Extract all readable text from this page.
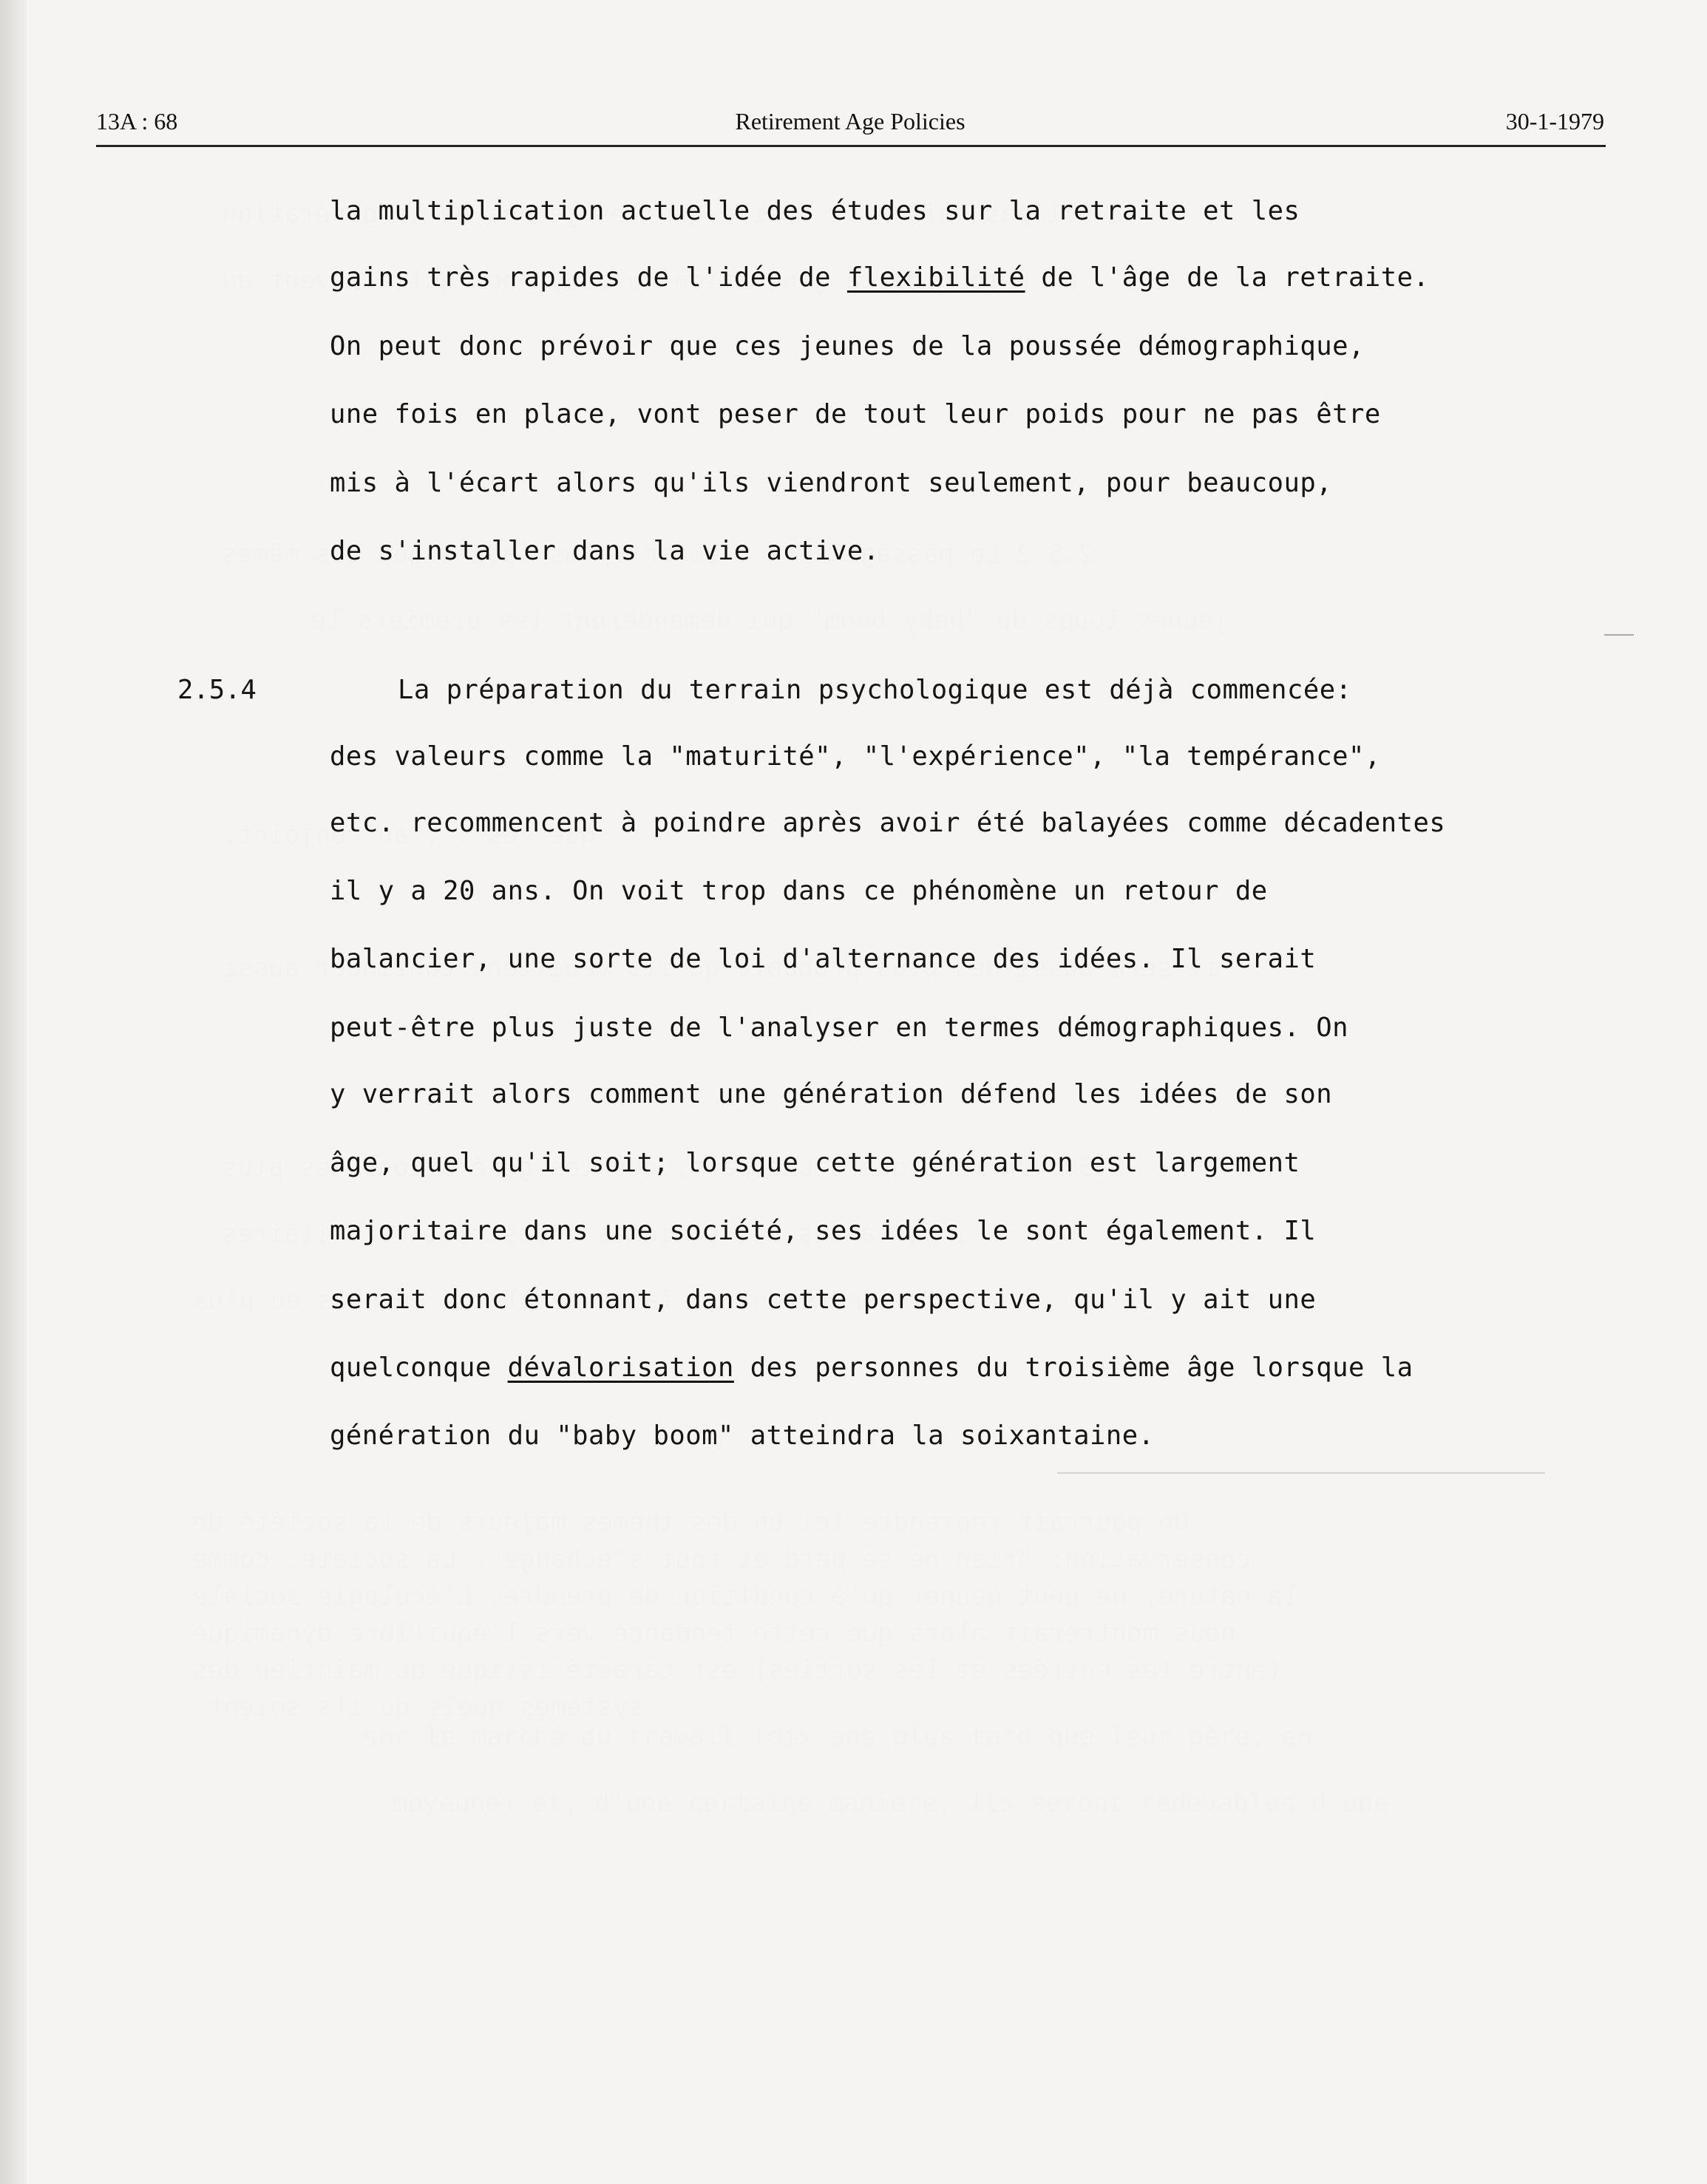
13A : 68	Retirement Age Policies	30-1-1979
la multiplication actuelle des études sur la retraite et les
gains très rapides de l'idée de flexibilité de l'âge de la retraite.
On peut donc prévoir que ces jeunes de la poussée démographique,
une fois en place, vont peser de tout leur poids pour ne pas être
mis à l'écart alors qu'ils viendront seulement, pour beaucoup,
de s'installer dans la vie active.
2.5.4	La préparation du terrain psychologique est déjà commencée:
des valeurs comme la "maturité", "l'expérience", "la tempérance",
etc. recommencent à poindre après avoir été balayées comme décadentes
il y a 20 ans. On voit trop dans ce phénomène un retour de
balancier, une sorte de loi d'alternance des idées. Il serait
peut-être plus juste de l'analyser en termes démographiques. On
y verrait alors comment une génération défend les idées de son
âge, quel qu'il soit; lorsque cette génération est largement
majoritaire dans une société, ses idées le sont également. Il
serait donc étonnant, dans cette perspective, qu'il y ait une
quelconque dévalorisation des personnes du troisième âge lorsque la
génération du "baby boom" atteindra la soixantaine.
